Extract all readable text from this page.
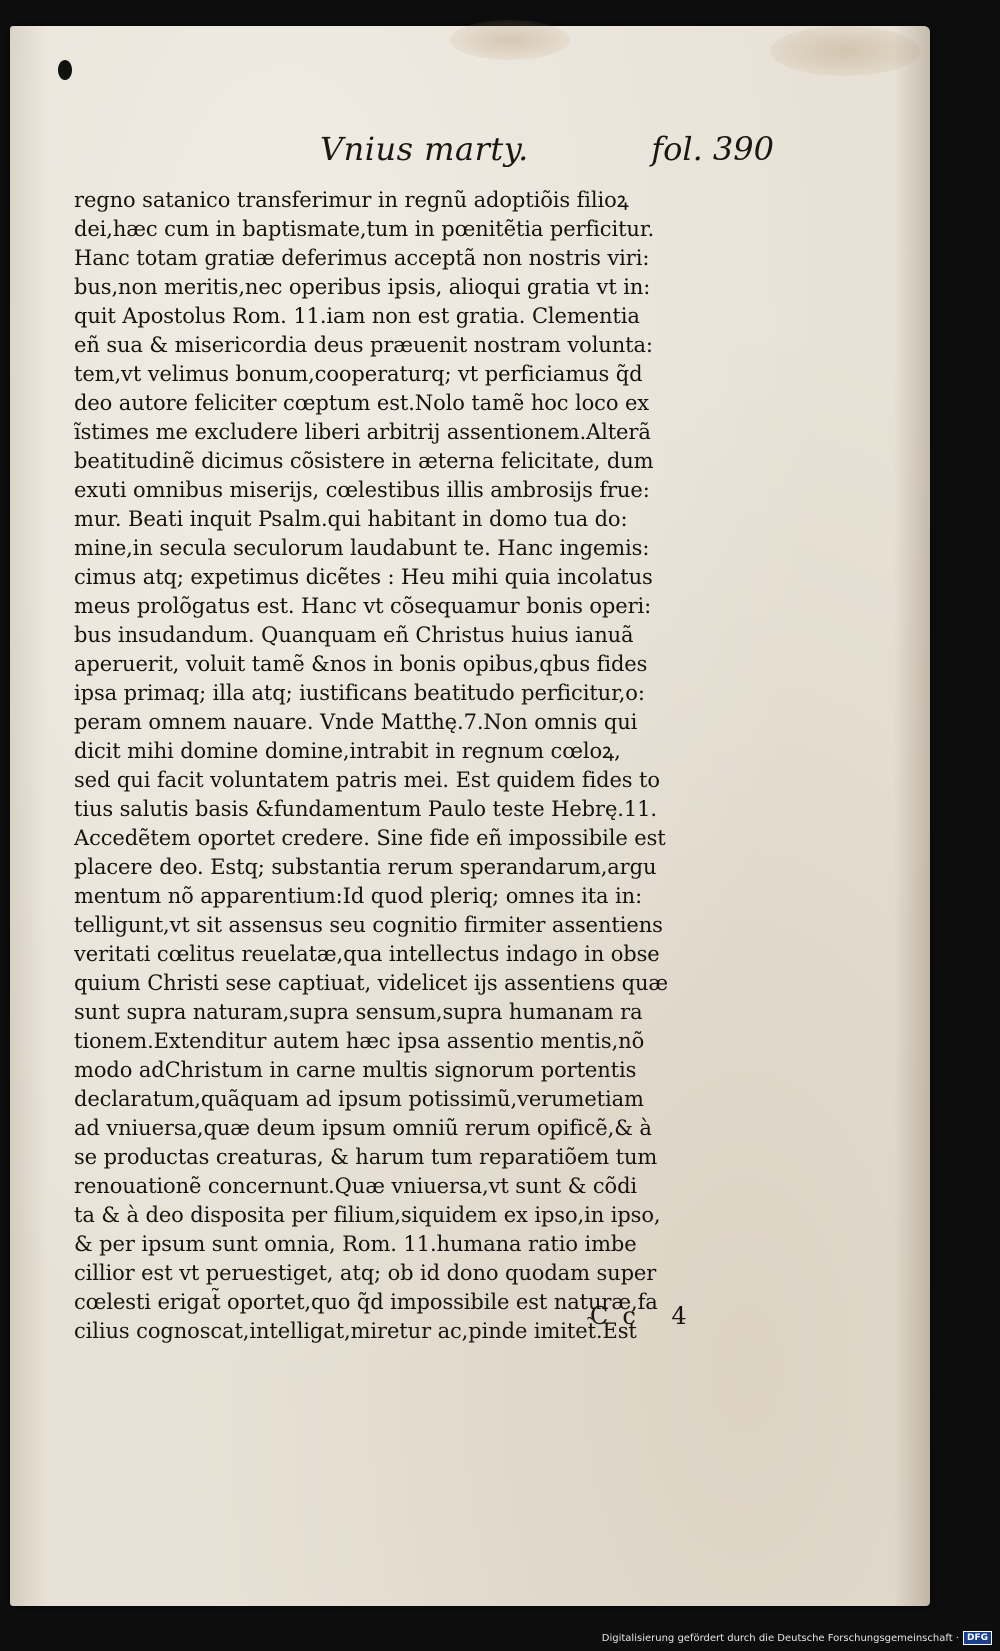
Vnius marty.	fol. 390
regno satanico transferimur in regnũ adoptiõis filioꝝ
dei,hæc cum in baptismate,tum in pœnitẽtia perficitur.
Hanc totam gratiæ deferimus acceptã non nostris viri:
bus,non meritis,nec operibus ipsis, alioqui gratia vt in:
quit Apostolus Rom. 11.iam non est gratia. Clementia
eñ sua & misericordia deus præuenit nostram volunta:
tem,vt velimus bonum,cooperaturq; vt perficiamus q̃d
deo autore feliciter cœptum est.Nolo tamẽ hoc loco ex
ĩstimes me excludere liberi arbitrij assentionem.Alterã
beatitudinẽ dicimus cõsistere in æterna felicitate, dum
exuti omnibus miserijs, cœlestibus illis ambrosijs frue:
mur. Beati inquit Psalm.qui habitant in domo tua do:
mine,in secula seculorum laudabunt te. Hanc ingemis:
cimus atq; expetimus dicẽtes : Heu mihi quia incolatus
meus prolõgatus est. Hanc vt cõsequamur bonis operi:
bus insudandum. Quanquam eñ Christus huius ianuã
aperuerit, voluit tamẽ &nos in bonis opibus,qbus fides
ipsa primaq; illa atq; iustificans beatitudo perficitur,o:
peram omnem nauare. Vnde Matthę.7.Non omnis qui
dicit mihi domine domine,intrabit in regnum cœloꝝ,
sed qui facit voluntatem patris mei. Est quidem fides to
tius salutis basis &fundamentum Paulo teste Hebrę.11.
Accedẽtem oportet credere. Sine fide eñ impossibile est
placere deo. Estq; substantia rerum sperandarum,argu
mentum nõ apparentium:Id quod pleriq; omnes ita in:
telligunt,vt sit assensus seu cognitio firmiter assentiens
veritati cœlitus reuelatæ,qua intellectus indago in obse
quium Christi sese captiuat, videlicet ijs assentiens quæ
sunt supra naturam,supra sensum,supra humanam ra
tionem.Extenditur autem hæc ipsa assentio mentis,nõ
modo adChristum in carne multis signorum portentis
declaratum,quãquam ad ipsum potissimũ,verumetiam
ad vniuersa,quæ deum ipsum omniũ rerum opificẽ,& à
se productas creaturas, & harum tum reparatiõem tum
renouationẽ concernunt.Quæ vniuersa,vt sunt & cõdi
ta & à deo disposita per filium,siquidem ex ipso,in ipso,
& per ipsum sunt omnia, Rom. 11.humana ratio imbe
cillior est vt peruestiget, atq; ob id dono quodam super
cœlesti erigat̃ oportet,quo q̃d impossibile est naturæ,fa
cilius cognoscat,intelligat,miretur ac,pinde imitet̃.Est
Cc 4
Digitalisierung gefördert durch die Deutsche Forschungsgemeinschaft · DFG
